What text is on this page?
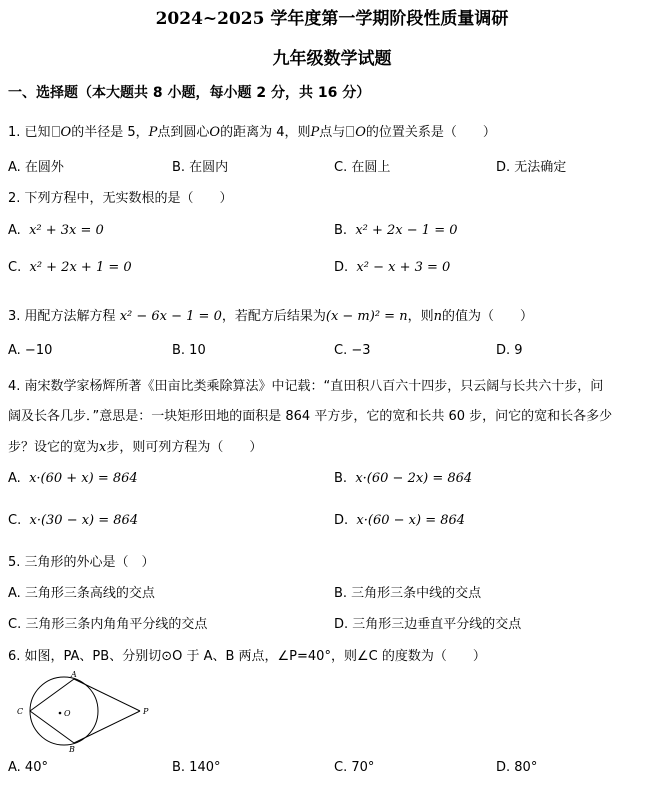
2024~2025 学年度第一学期阶段性质量调研
九年级数学试题
一、选择题（本大题共 8 小题，每小题 2 分，共 16 分）
1. 已知 O的半径是 5，P点到圆心O的距离为 4，则P点与 O的位置关系是（　　）
A. 在圆外	B. 在圆内	C. 在圆上	D. 无法确定
2. 下列方程中，无实数根的是（　　）
A. x² + 3x = 0	B. x² + 2x − 1 = 0
C. x² + 2x + 1 = 0	D. x² − x + 3 = 0
3. 用配方法解方程 x² − 6x − 1 = 0，若配方后结果为(x − m)² = n，则n的值为（　　）
A. −10	B. 10	C. −3	D. 9
4. 南宋数学家杨辉所著《田亩比类乘除算法》中记载：“直田积八百六十四步，只云阔与长共六十步，问
阔及长各几步．”意思是：一块矩形田地的面积是 864 平方步，它的宽和长共 60 步，问它的宽和长各多少
步？设它的宽为x步，则可列方程为（　　）
A. x·(60 + x) = 864	B. x·(60 − 2x) = 864
C. x·(30 − x) = 864	D. x·(60 − x) = 864
5. 三角形的外心是（　）
A. 三角形三条高线的交点	B. 三角形三条中线的交点
C. 三角形三条内角角平分线的交点	D. 三角形三边垂直平分线的交点
6. 如图，PA、PB、分别切⊙O 于 A、B 两点，∠P=40°，则∠C 的度数为（　　）
A
B
C	O	P
A. 40°	B. 140°	C. 70°	D. 80°
